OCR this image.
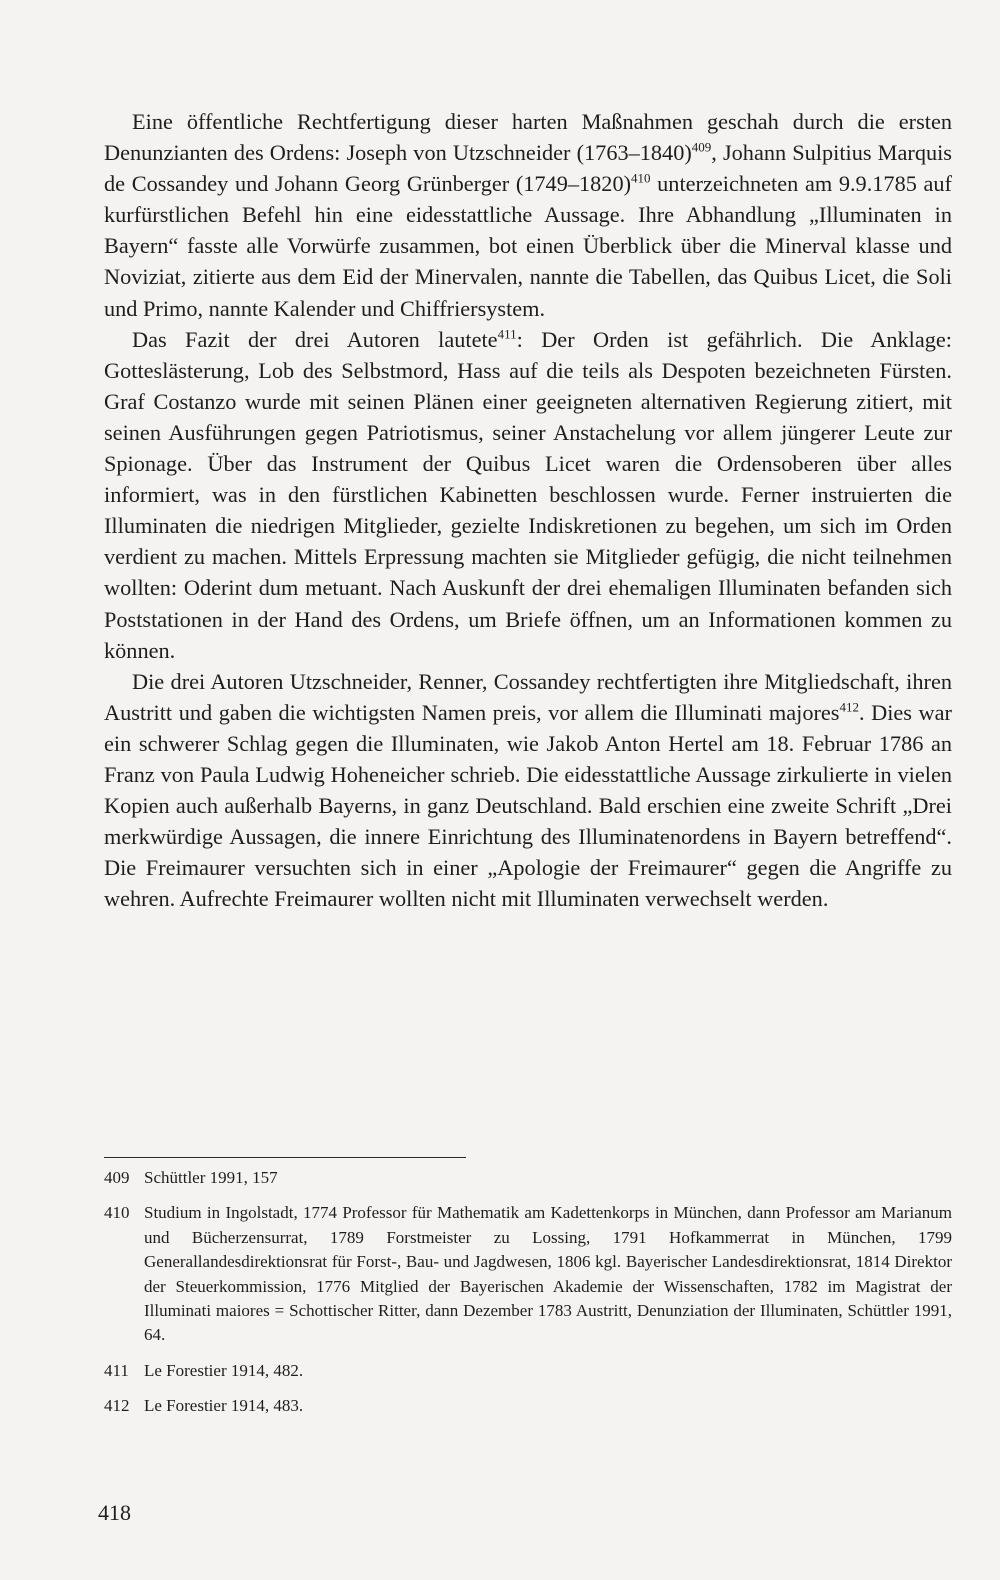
Eine öffentliche Rechtfertigung dieser harten Maßnahmen geschah durch die ersten Denunzianten des Ordens: Joseph von Utzschneider (1763–1840)$^{409}$, Johann Sulpitius Marquis de Cossandey und Johann Georg Grünberger (1749–1820)$^{410}$ unterzeichneten am 9.9.1785 auf kurfürstlichen Befehl hin eine eidesstattliche Aussage. Ihre Abhandlung „Illuminaten in Bayern“ fasste alle Vorwürfe zusammen, bot einen Überblick über die Minerval klasse und Noviziat, zitierte aus dem Eid der Minervalen, nannte die Tabellen, das Quibus Licet, die Soli und Primo, nannte Kalender und Chiffriersystem.

Das Fazit der drei Autoren lautete$^{411}$: Der Orden ist gefährlich. Die Anklage: Gotteslästerung, Lob des Selbstmord, Hass auf die teils als Despoten bezeichneten Fürsten. Graf Costanzo wurde mit seinen Plänen einer geeigneten alternativen Regierung zitiert, mit seinen Ausführungen gegen Patriotismus, seiner Anstachelung vor allem jüngerer Leute zur Spionage. Über das Instrument der Quibus Licet waren die Ordensoberen über alles informiert, was in den fürstlichen Kabinetten beschlossen wurde. Ferner instruierten die Illuminaten die niedrigen Mitglieder, gezielte Indiskretionen zu begehen, um sich im Orden verdient zu machen. Mittels Erpressung machten sie Mitglieder gefügig, die nicht teilnehmen wollten: Oderint dum metuant. Nach Auskunft der drei ehemaligen Illuminaten befanden sich Poststationen in der Hand des Ordens, um Briefe öffnen, um an Informationen kommen zu können.

Die drei Autoren Utzschneider, Renner, Cossandey rechtfertigten ihre Mitgliedschaft, ihren Austritt und gaben die wichtigsten Namen preis, vor allem die Illuminati majores$^{412}$. Dies war ein schwerer Schlag gegen die Illuminaten, wie Jakob Anton Hertel am 18. Februar 1786 an Franz von Paula Ludwig Hoheneicher schrieb. Die eidesstattliche Aussage zirkulierte in vielen Kopien auch außerhalb Bayerns, in ganz Deutschland. Bald erschien eine zweite Schrift „Drei merkwürdige Aussagen, die innere Einrichtung des Illuminatenordens in Bayern betreffend“. Die Freimaurer versuchten sich in einer „Apologie der Freimaurer“ gegen die Angriffe zu wehren. Aufrechte Freimaurer wollten nicht mit Illuminaten verwechselt werden.

409 Schüttler 1991, 157
410 Studium in Ingolstadt, 1774 Professor für Mathematik am Kadettenkorps in München, dann Professor am Marianum und Bücherzensurrat, 1789 Forstmeister zu Lossing, 1791 Hofkammerrat in München, 1799 Generallandesdirektionsrat für Forst-, Bau- und Jagdwesen, 1806 kgl. Bayerischer Landesdirektionsrat, 1814 Direktor der Steuerkommission, 1776 Mitglied der Bayerischen Akademie der Wissenschaften, 1782 im Magistrat der Illuminati maiores = Schottischer Ritter, dann Dezember 1783 Austritt, Denunziation der Illuminaten, Schüttler 1991, 64.
411 Le Forestier 1914, 482.
412 Le Forestier 1914, 483.
418
